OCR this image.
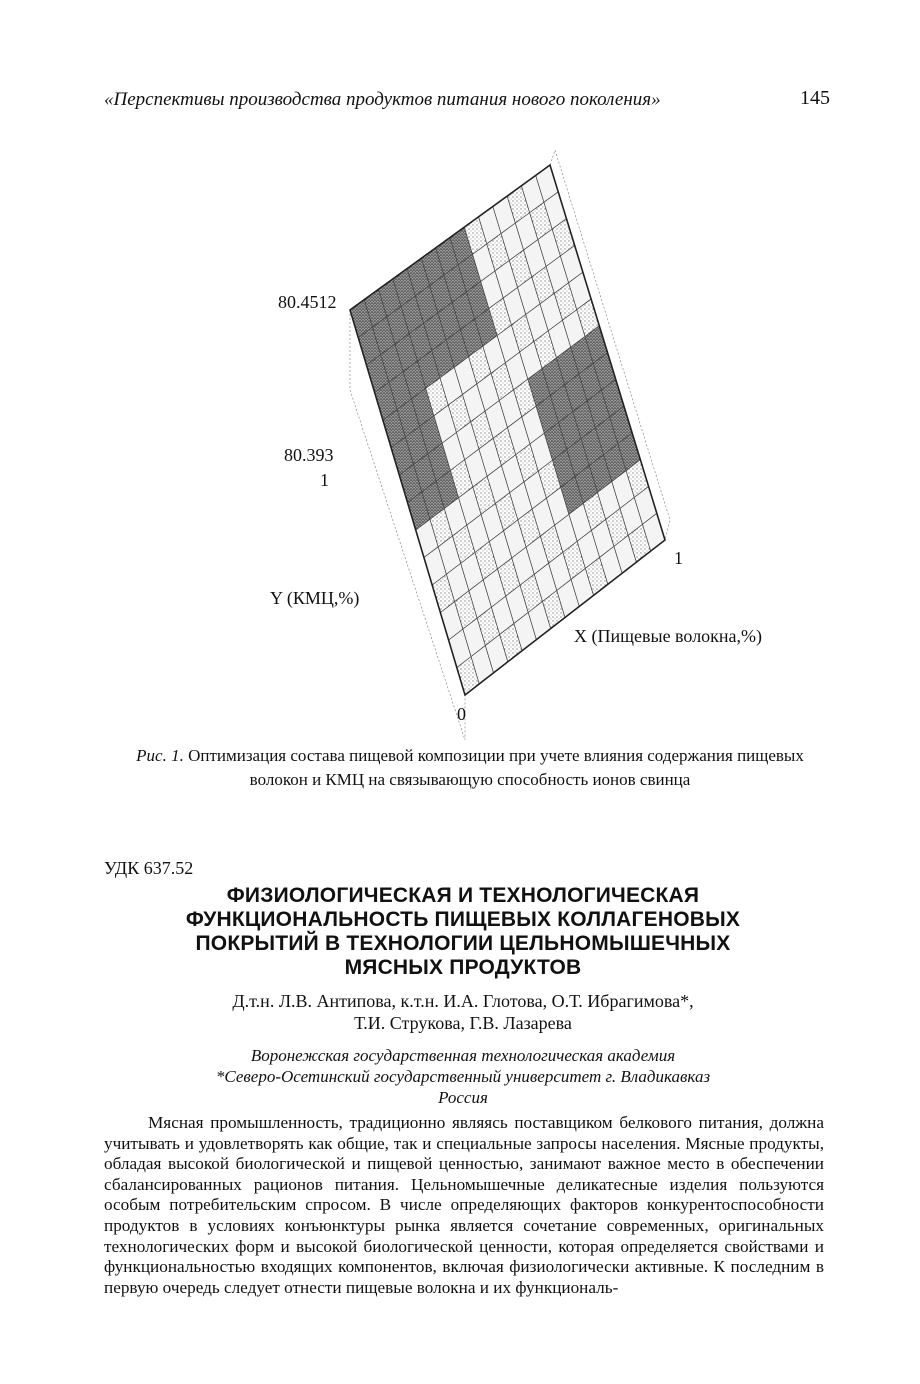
«Перспективы производства продуктов питания нового поколения»	145
80.4512
80.393
1
1
Y (КМЦ,%)
X (Пищевые волокна,%)
0
Рис. 1. Оптимизация состава пищевой композиции при учете влияния содержания пищевых волокон и КМЦ на связывающую способность ионов свинца
УДК 637.52
ФИЗИОЛОГИЧЕСКАЯ И ТЕХНОЛОГИЧЕСКАЯ
ФУНКЦИОНАЛЬНОСТЬ ПИЩЕВЫХ КОЛЛАГЕНОВЫХ
ПОКРЫТИЙ В ТЕХНОЛОГИИ ЦЕЛЬНОМЫШЕЧНЫХ
МЯСНЫХ ПРОДУКТОВ
Д.т.н. Л.В. Антипова, к.т.н. И.А. Глотова, О.Т. Ибрагимова*,
Т.И. Струкова, Г.В. Лазарева
Воронежская государственная технологическая академия
*Северо-Осетинский государственный университет г. Владикавказ
Россия

Мясная промышленность, традиционно являясь поставщиком белкового питания, должна учитывать и удовлетворять как общие, так и специальные запросы населения. Мясные продукты, обладая высокой биологической и пищевой ценностью, занимают важное место в обеспечении сбалансированных рационов питания. Цельномышечные деликатесные изделия пользуются особым потребительским спросом. В числе определяющих факторов конкурентоспособности продуктов в условиях конъюнктуры рынка является сочетание современных, оригинальных технологических форм и высокой биологической ценности, которая определяется свойствами и функциональностью входящих компонентов, включая физиологически активные. К последним в первую очередь следует отнести пищевые волокна и их функциональ-
